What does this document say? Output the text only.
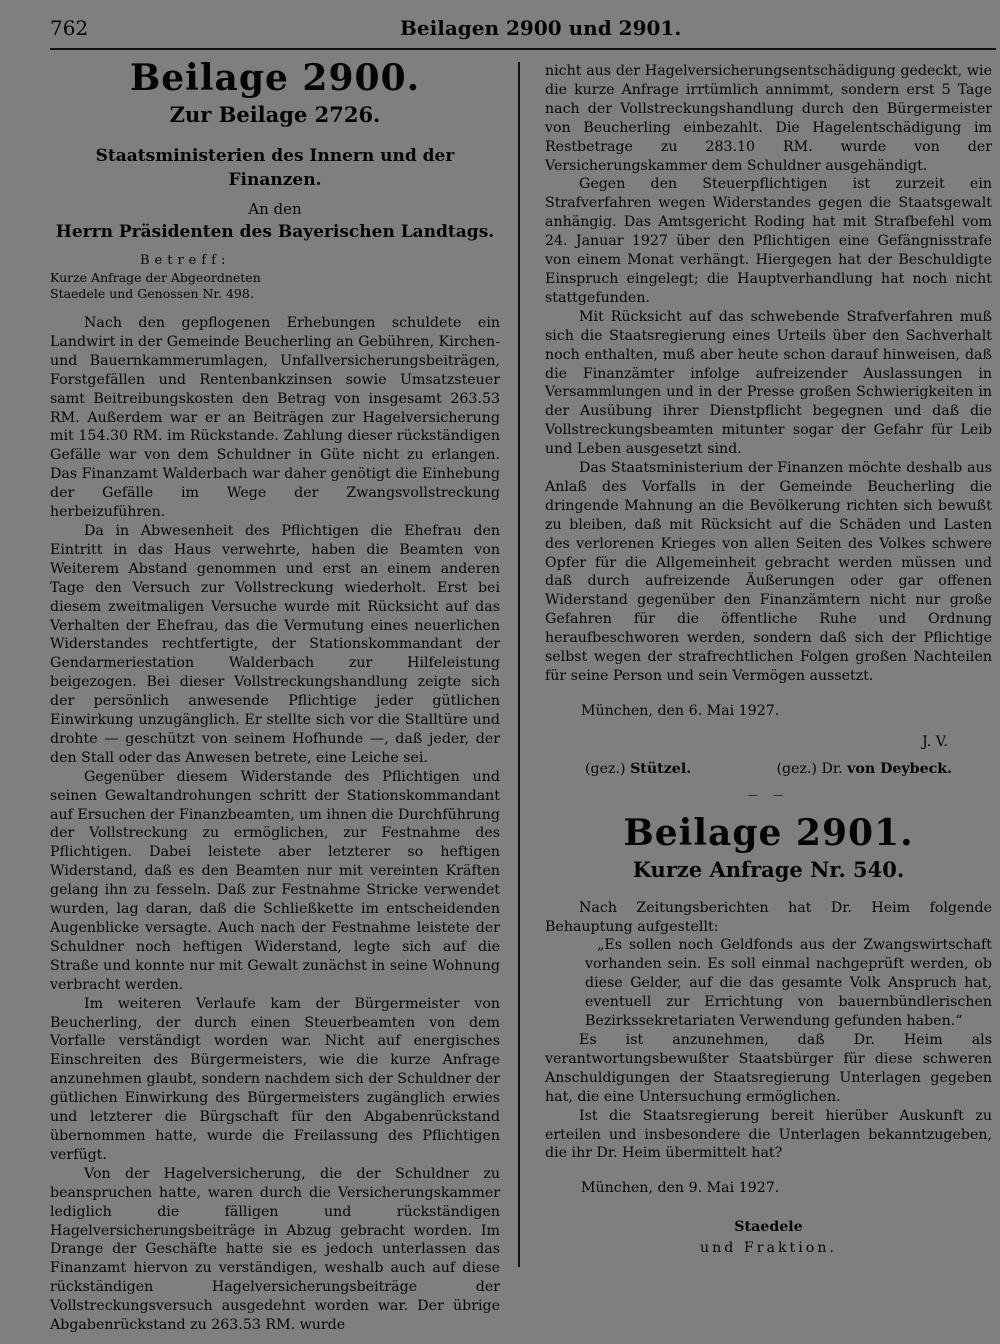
762	Beilagen 2900 und 2901.
Beilage 2900.
Zur Beilage 2726.
Staatsministerien des Innern und der Finanzen.
An den
Herrn Präsidenten des Bayerischen Landtags.
Betreff:
Kurze Anfrage der Abgeordneten
Staedele und Genossen Nr. 498.

Nach den gepflogenen Erhebungen schuldete ein Landwirt in der Gemeinde Beucherling an Gebühren, Kirchen- und Bauernkammerumlagen, Unfallversicherungsbeiträgen, Forstgefällen und Rentenbankzinsen sowie Umsatzsteuer samt Beitreibungskosten den Betrag von insgesamt 263.53 RM. Außerdem war er an Beiträgen zur Hagelversicherung mit 154.30 RM. im Rückstande. Zahlung dieser rückständigen Gefälle war von dem Schuldner in Güte nicht zu erlangen. Das Finanzamt Walderbach war daher genötigt die Einhebung der Gefälle im Wege der Zwangsvollstreckung herbeizuführen.

Da in Abwesenheit des Pflichtigen die Ehefrau den Eintritt in das Haus verwehrte, haben die Beamten von Weiterem Abstand genommen und erst an einem anderen Tage den Versuch zur Vollstreckung wiederholt. Erst bei diesem zweitmaligen Versuche wurde mit Rücksicht auf das Verhalten der Ehefrau, das die Vermutung eines neuerlichen Widerstandes rechtfertigte, der Stationskommandant der Gendarmeriestation Walderbach zur Hilfeleistung beigezogen. Bei dieser Vollstreckungshandlung zeigte sich der persönlich anwesende Pflichtige jeder gütlichen Einwirkung unzugänglich. Er stellte sich vor die Stalltüre und drohte — geschützt von seinem Hofhunde —, daß jeder, der den Stall oder das Anwesen betrete, eine Leiche sei.

Gegenüber diesem Widerstande des Pflichtigen und seinen Gewaltandrohungen schritt der Stationskommandant auf Ersuchen der Finanzbeamten, um ihnen die Durchführung der Vollstreckung zu ermöglichen, zur Festnahme des Pflichtigen. Dabei leistete aber letzterer so heftigen Widerstand, daß es den Beamten nur mit vereinten Kräften gelang ihn zu fesseln. Daß zur Festnahme Stricke verwendet wurden, lag daran, daß die Schließkette im entscheidenden Augenblicke versagte. Auch nach der Festnahme leistete der Schuldner noch heftigen Widerstand, legte sich auf die Straße und konnte nur mit Gewalt zunächst in seine Wohnung verbracht werden.

Im weiteren Verlaufe kam der Bürgermeister von Beucherling, der durch einen Steuerbeamten von dem Vorfalle verständigt worden war. Nicht auf energisches Einschreiten des Bürgermeisters, wie die kurze Anfrage anzunehmen glaubt, sondern nachdem sich der Schuldner der gütlichen Einwirkung des Bürgermeisters zugänglich erwies und letzterer die Bürgschaft für den Abgabenrückstand übernommen hatte, wurde die Freilassung des Pflichtigen verfügt.

Von der Hagelversicherung, die der Schuldner zu beanspruchen hatte, waren durch die Versicherungskammer lediglich die fälligen und rückständigen Hagelversicherungsbeiträge in Abzug gebracht worden. Im Drange der Geschäfte hatte sie es jedoch unterlassen das Finanzamt hiervon zu verständigen, weshalb auch auf diese rückständigen Hagelversicherungsbeiträge der Vollstreckungsversuch ausgedehnt worden war. Der übrige Abgabenrückstand zu 263.53 RM. wurde

nicht aus der Hagelversicherungsentschädigung gedeckt, wie die kurze Anfrage irrtümlich annimmt, sondern erst 5 Tage nach der Vollstreckungshandlung durch den Bürgermeister von Beucherling einbezahlt. Die Hagelentschädigung im Restbetrage zu 283.10 RM. wurde von der Versicherungskammer dem Schuldner ausgehändigt.

Gegen den Steuerpflichtigen ist zurzeit ein Strafverfahren wegen Widerstandes gegen die Staatsgewalt anhängig. Das Amtsgericht Roding hat mit Strafbefehl vom 24. Januar 1927 über den Pflichtigen eine Gefängnisstrafe von einem Monat verhängt. Hiergegen hat der Beschuldigte Einspruch eingelegt; die Hauptverhandlung hat noch nicht stattgefunden.

Mit Rücksicht auf das schwebende Strafverfahren muß sich die Staatsregierung eines Urteils über den Sachverhalt noch enthalten, muß aber heute schon darauf hinweisen, daß die Finanzämter infolge aufreizender Auslassungen in Versammlungen und in der Presse großen Schwierigkeiten in der Ausübung ihrer Dienstpflicht begegnen und daß die Vollstreckungsbeamten mitunter sogar der Gefahr für Leib und Leben ausgesetzt sind.

Das Staatsministerium der Finanzen möchte deshalb aus Anlaß des Vorfalls in der Gemeinde Beucherling die dringende Mahnung an die Bevölkerung richten sich bewußt zu bleiben, daß mit Rücksicht auf die Schäden und Lasten des verlorenen Krieges von allen Seiten des Volkes schwere Opfer für die Allgemeinheit gebracht werden müssen und daß durch aufreizende Äußerungen oder gar offenen Widerstand gegenüber den Finanzämtern nicht nur große Gefahren für die öffentliche Ruhe und Ordnung heraufbeschworen werden, sondern daß sich der Pflichtige selbst wegen der strafrechtlichen Folgen großen Nachteilen für seine Person und sein Vermögen aussetzt.

München, den 6. Mai 1927.
J. V.
(gez.) Stützel.	(gez.) Dr. von Deybeck.
— —
Beilage 2901.
Kurze Anfrage Nr. 540.

Nach Zeitungsberichten hat Dr. Heim folgende Behauptung aufgestellt:

„Es sollen noch Geldfonds aus der Zwangswirtschaft vorhanden sein. Es soll einmal nachgeprüft werden, ob diese Gelder, auf die das gesamte Volk Anspruch hat, eventuell zur Errichtung von bauernbündlerischen Bezirkssekretariaten Verwendung gefunden haben.“

Es ist anzunehmen, daß Dr. Heim als verantwortungsbewußter Staatsbürger für diese schweren Anschuldigungen der Staatsregierung Unterlagen gegeben hat, die eine Untersuchung ermöglichen.

Ist die Staatsregierung bereit hierüber Auskunft zu erteilen und insbesondere die Unterlagen bekanntzugeben, die ihr Dr. Heim übermittelt hat?

München, den 9. Mai 1927.
Staedele
und Fraktion.
